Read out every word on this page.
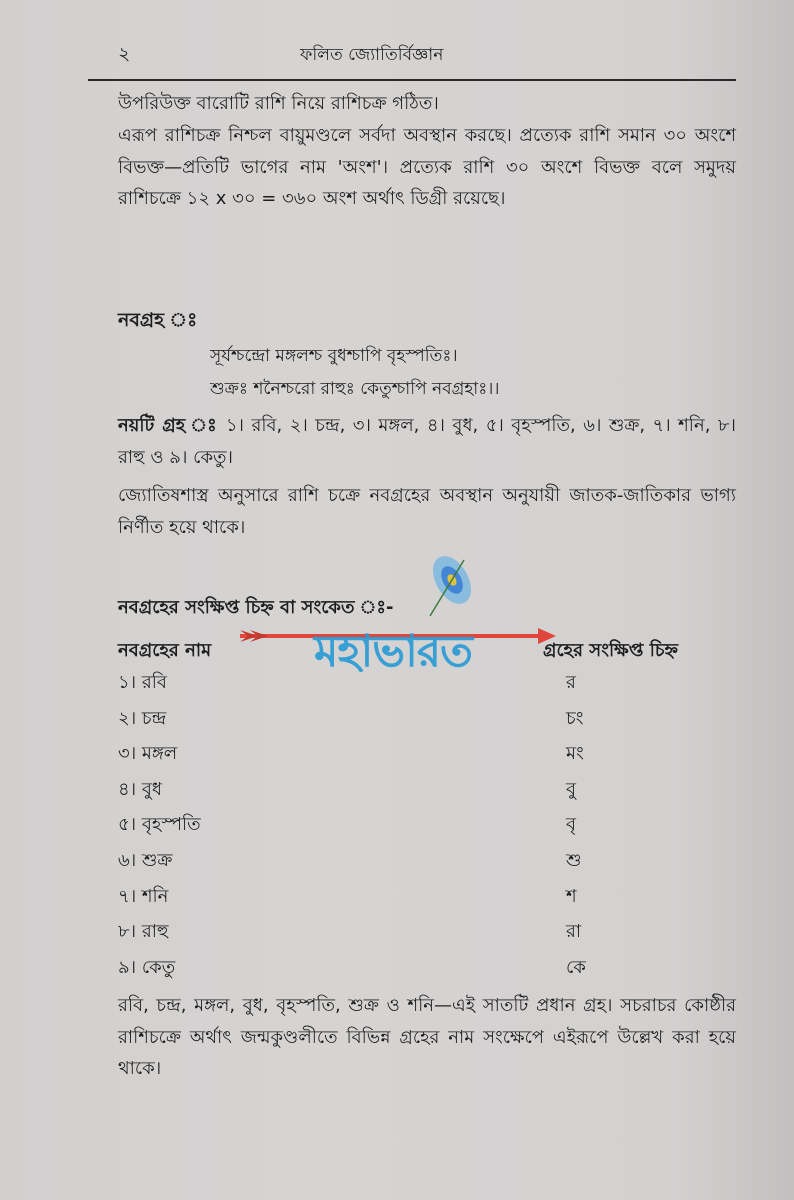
২	ফলিত জ্যোতির্বিজ্ঞান

উপরিউক্ত বারোটি রাশি নিয়ে রাশিচক্র গঠিত।

এরূপ রাশিচক্র নিশ্চল বায়ুমণ্ডলে সর্বদা অবস্থান করছে। প্রত্যেক রাশি সমান ৩০ অংশে বিভক্ত—প্রতিটি ভাগের নাম 'অংশ'। প্রত্যেক রাশি ৩০ অংশে বিভক্ত বলে সমুদয় রাশিচক্রে ১২ x ৩০ = ৩৬০ অংশ অর্থাৎ ডিগ্রী রয়েছে।

নবগ্রহ ঃ
সূর্যশ্চন্দ্রো মঙ্গলশ্চ বুধশ্চাপি বৃহস্পতিঃ।
শুক্রঃ শনৈশ্চরো রাহুঃ কেতুশ্চাপি নবগ্রহাঃ।।

নয়টি গ্রহ ঃ ১। রবি, ২। চন্দ্র, ৩। মঙ্গল, ৪। বুধ, ৫। বৃহস্পতি, ৬। শুক্র, ৭। শনি, ৮। রাহু ও ৯। কেতু।

জ্যোতিষশাস্ত্র অনুসারে রাশি চক্রে নবগ্রহের অবস্থান অনুযায়ী জাতক-জাতিকার ভাগ্য নির্ণীত হয়ে থাকে।

নবগ্রহের সংক্ষিপ্ত চিহ্ন বা সংকেত ঃ-
নবগ্রহের নাম	গ্রহের সংক্ষিপ্ত চিহ্ন
১। রবি	র
২। চন্দ্র	চং
৩। মঙ্গল	মং
৪। বুধ	বু
৫। বৃহস্পতি	বৃ
৬। শুক্র	শু
৭। শনি	শ
৮। রাহু	রা
৯। কেতু	কে

রবি, চন্দ্র, মঙ্গল, বুধ, বৃহস্পতি, শুক্র ও শনি—এই সাতটি প্রধান গ্রহ। সচরাচর কোষ্ঠীর রাশিচক্রে অর্থাৎ জন্মকুণ্ডলীতে বিভিন্ন গ্রহের নাম সংক্ষেপে এইরূপে উল্লেখ করা হয়ে থাকে।

মহাভারত
